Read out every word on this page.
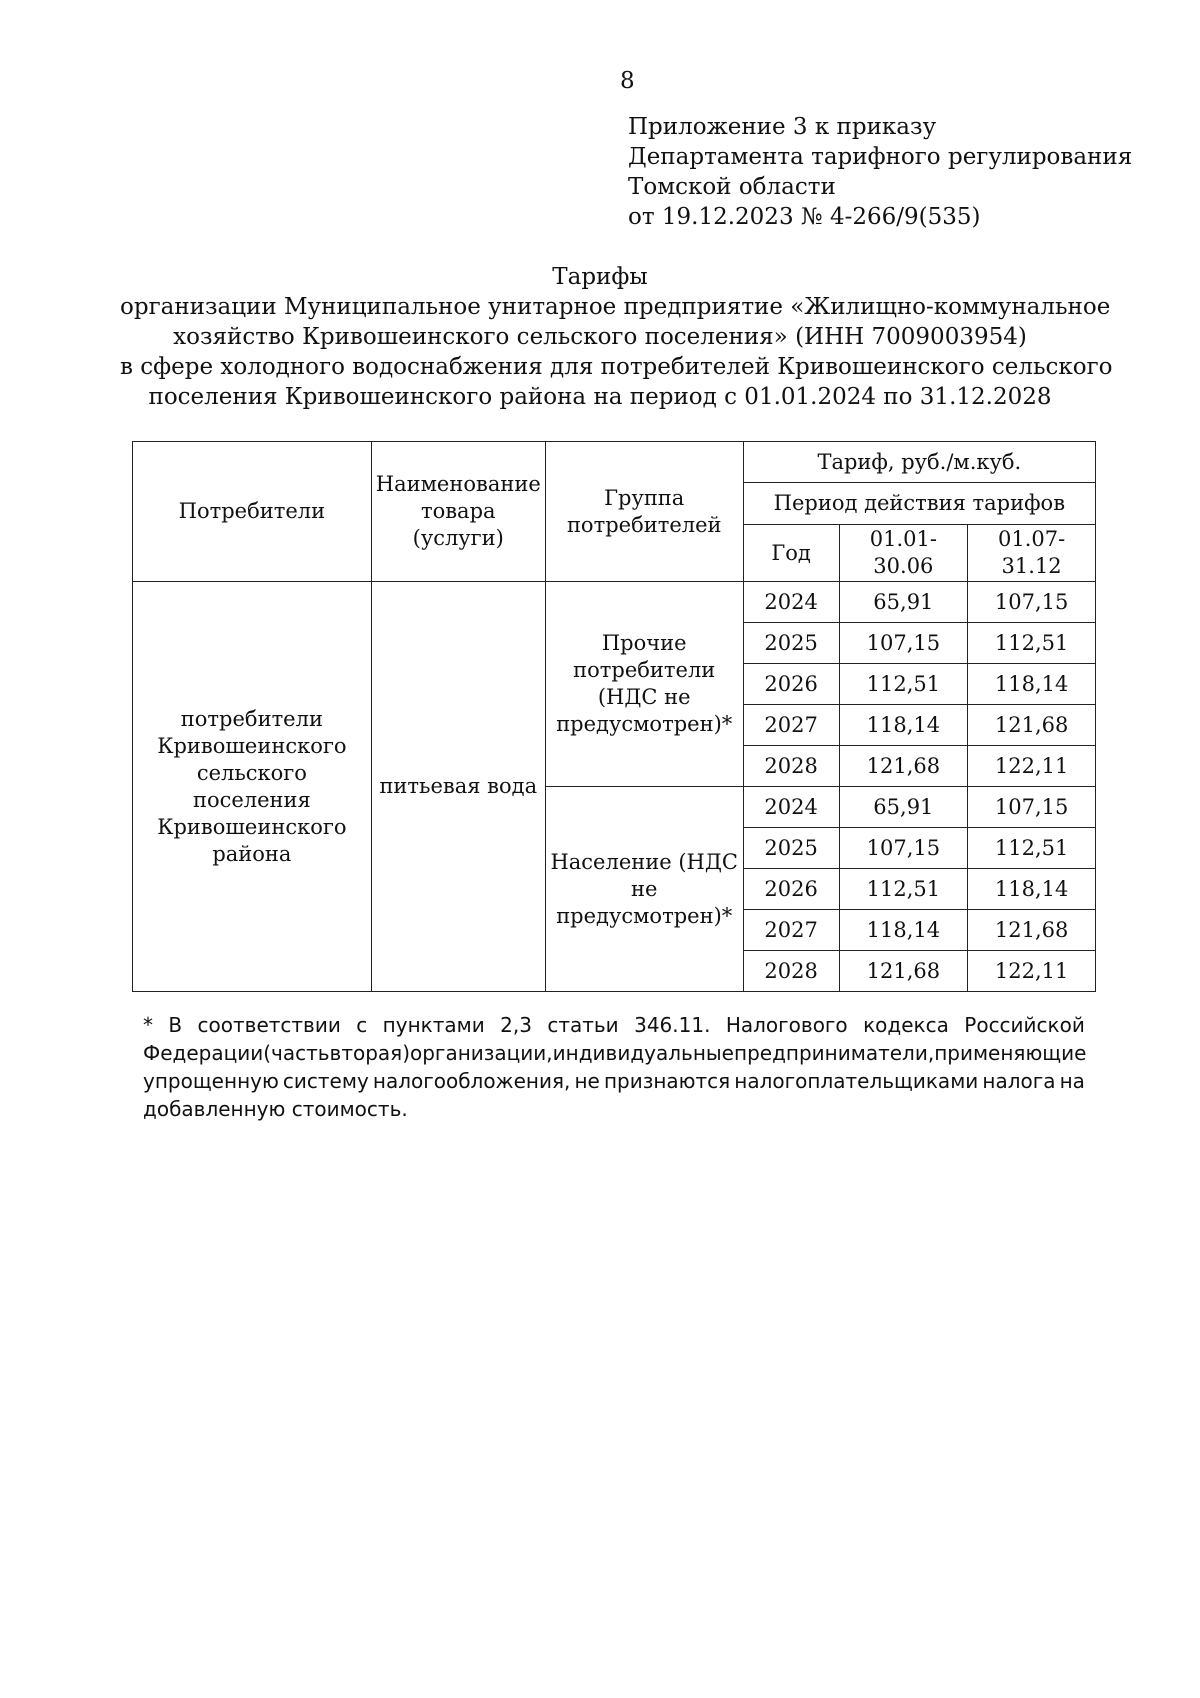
8
Приложение 3 к приказу
Департамента тарифного регулирования
Томской области
от 19.12.2023 № 4-266/9(535)
Тарифы
организации Муниципальное унитарное предприятие «Жилищно-коммунальное
хозяйство Кривошеинского сельского поселения» (ИНН 7009003954)
в сфере холодного водоснабжения для потребителей Кривошеинского сельского
поселения Кривошеинского района на период с 01.01.2024 по 31.12.2028
Потребители	Наименование товара (услуги)	Группа потребителей	Тариф, руб./м.куб.		
			Период действия тарифов		
			Год	01.01-30.06	01.07-31.12
потребители Кривошеинского сельского поселения Кривошеинского района	питьевая вода	Прочие потребители (НДС не предусмотрен)*	2024	65,91	107,15
			2025	107,15	112,51
			2026	112,51	118,14
			2027	118,14	121,68
			2028	121,68	122,11
		Население (НДС не предусмотрен)*	2024	65,91	107,15
			2025	107,15	112,51
			2026	112,51	118,14
			2027	118,14	121,68
			2028	121,68	122,11
* В соответствии с пунктами 2,3 статьи 346.11. Налогового кодекса Российской
Федерации (часть вторая) организации, индивидуальные предприниматели, применяющие
упрощенную систему налогообложения, не признаются налогоплательщиками налога на
добавленную стоимость.
